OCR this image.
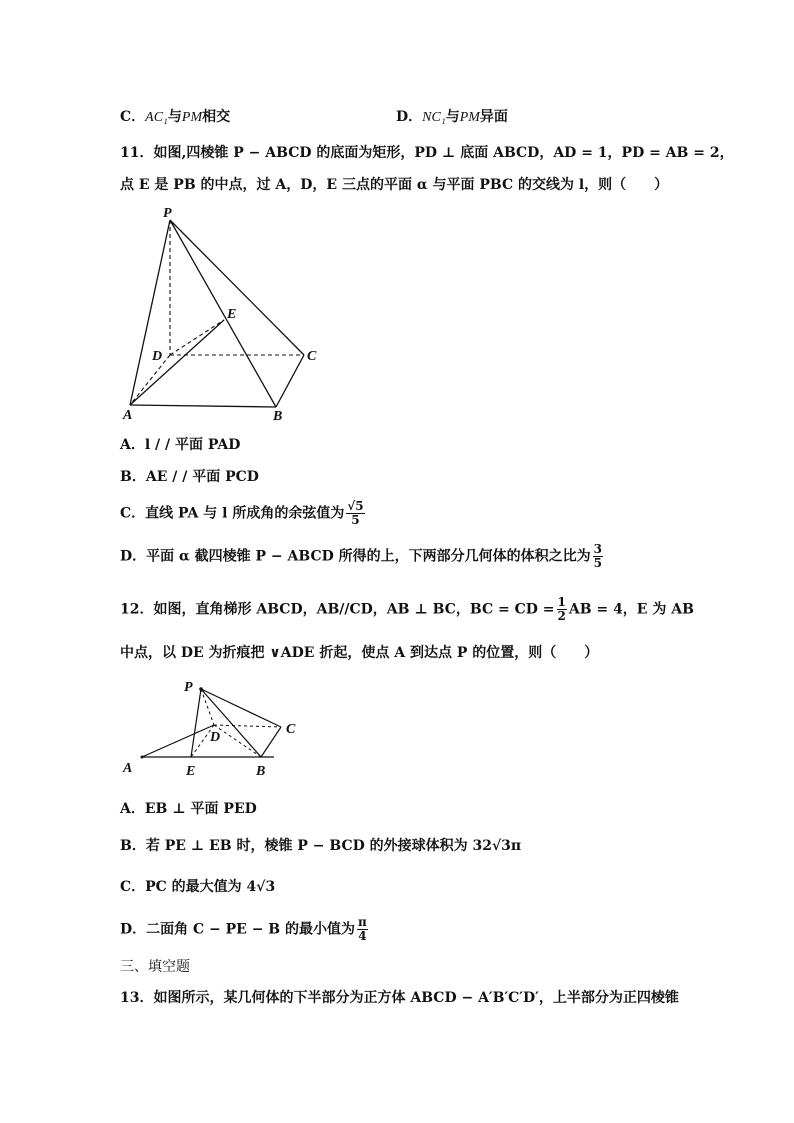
C．AC₁与PM相交	D．NC₁与PM异面
11．如图,四棱锥 P − ABCD 的底面为矩形，PD ⊥ 底面 ABCD，AD = 1，PD = AB = 2，
点 E 是 PB 的中点，过 A，D，E 三点的平面 α 与平面 PBC 的交线为 l，则（　　）
P
E
D	C
A	B
A．l / / 平面 PAD
B．AE / / 平面 PCD
C．直线 PA 与 l 所成角的余弦值为 $\frac{√5}{5}$
D．平面 α 截四棱锥 P − ABCD 所得的上，下两部分几何体的体积之比为 $\frac{3}{5}$
12．如图，直角梯形 ABCD，AB//CD，AB ⊥ BC，BC = CD = $\frac{1}{2}$ AB = 4，E 为 AB
中点，以 DE 为折痕把 ∨ADE 折起，使点 A 到达点 P 的位置，则（　　）
P
D
C
A	E	B
A．EB ⊥ 平面 PED
B．若 PE ⊥ EB 时，棱锥 P − BCD 的外接球体积为 32√3π
C．PC 的最大值为 4√3
D．二面角 C − PE − B 的最小值为 $\frac{\pi}{4}$
三、填空题
13．如图所示，某几何体的下半部分为正方体 ABCD − A′B′C′D′，上半部分为正四棱锥
